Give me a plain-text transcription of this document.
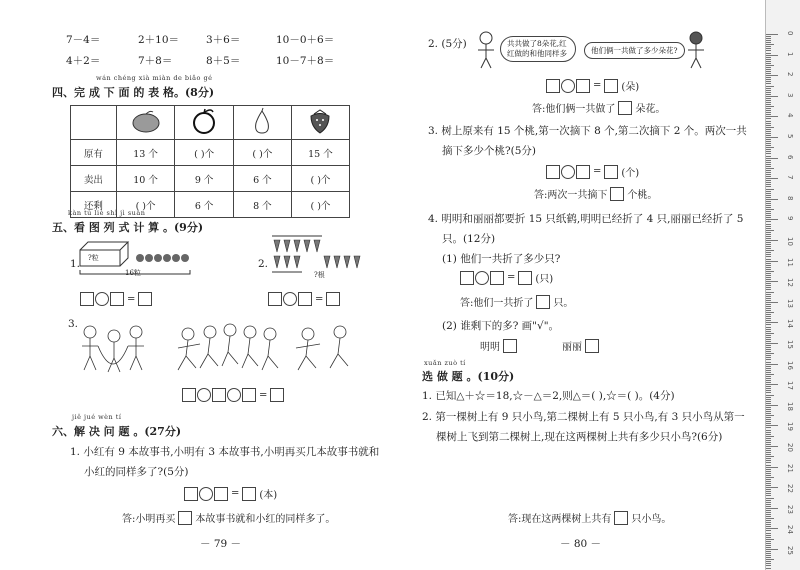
7－4＝	2＋10＝	3＋6＝	10－0＋6＝
4＋2＝	7＋8＝	8＋5＝	10－7＋8＝
wán chéng xià miàn de biǎo gé
四、完 成 下 面 的 表 格。(8分)

原有	13 个	( )个	( )个	15 个
卖出	10 个	9 个	6 个	( )个
还剩	( )个	6 个	8 个	( )个
kàn tú liè shì jì suàn
五、看 图 列 式 计 算 。(9分)
1. ?粒
16粒
2.
?根
=	=
3.
=
jiě jué wèn tí
六、解 决 问 题 。(27分)
1. 小红有 9 本故事书,小明有 3 本故事书,小明再买几本故事书就和
小红的同样多了?(5分)
= (本)
答:小明再买 本故事书就和小红的同样多了。
－ 79 －
2. (5分)	共共做了8朵花,红红做的和他同样多	他们俩一共做了多少朵花?
= (朵)
答:他们俩一共做了 朵花。
3. 树上原来有 15 个桃,第一次摘下 8 个,第二次摘下 2 个。两次一共
摘下多少个桃?(5分)
= (个)
答:两次一共摘下 个桃。
4. 明明和丽丽都要折 15 只纸鹤,明明已经折了 4 只,丽丽已经折了 5
只。(12分)
(1) 他们一共折了多少只?
= (只)
答:他们一共折了 只。
(2) 谁剩下的多? 画"√"。
明明	丽丽
xuǎn zuò tí
选 做 题 。(10分)
1. 已知△＋☆＝18,☆－△＝2,则△＝( ),☆＝( )。(4分)
2. 第一棵树上有 9 只小鸟,第二棵树上有 5 只小鸟,有 3 只小鸟从第一
棵树上飞到第二棵树上,现在这两棵树上共有多少只小鸟?(6分)
答:现在这两棵树上共有 只小鸟。
－ 80 －
0
1
2
3
4
5
6
7
8
9
10
11
12
13
14
15
16
17
18
19
20
21
22
23
24
25
